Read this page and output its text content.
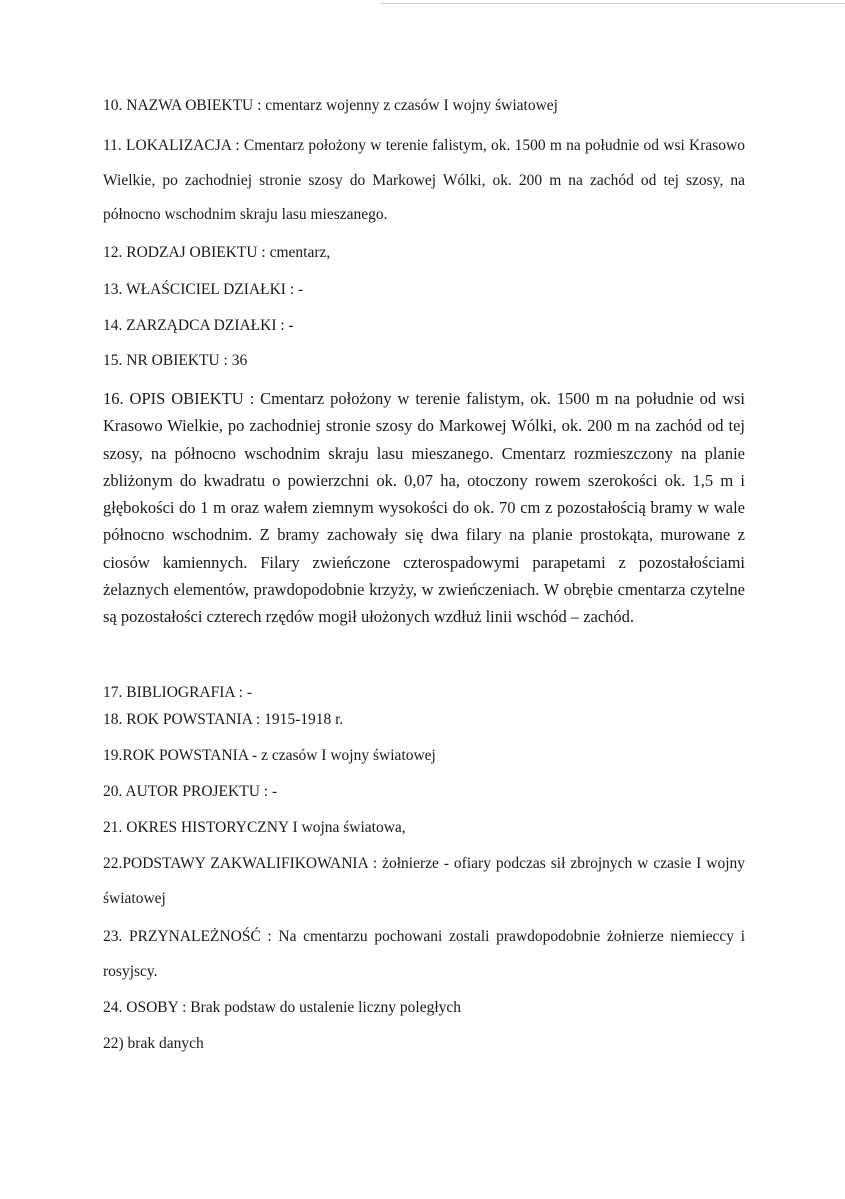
10. NAZWA OBIEKTU : cmentarz wojenny z czasów I wojny światowej
11. LOKALIZACJA : Cmentarz położony w terenie falistym, ok. 1500 m na południe od wsi Krasowo
Wielkie, po zachodniej stronie szosy do Markowej Wólki, ok. 200 m na zachód od tej szosy, na
północno wschodnim skraju lasu mieszanego.
12. RODZAJ OBIEKTU : cmentarz,
13. WŁAŚCICIEL DZIAŁKI : -
14. ZARZĄDCA DZIAŁKI : -
15. NR OBIEKTU : 36
16. OPIS OBIEKTU : Cmentarz położony w terenie falistym, ok. 1500 m na południe od wsi Krasowo Wielkie, po zachodniej stronie szosy do Markowej Wólki, ok. 200 m na zachód od tej szosy, na północno wschodnim skraju lasu mieszanego. Cmentarz rozmieszczony na planie zbliżonym do kwadratu o powierzchni ok. 0,07 ha, otoczony rowem szerokości ok. 1,5 m i głębokości do 1 m oraz wałem ziemnym wysokości do ok. 70 cm z pozostałością bramy w wale północno wschodnim. Z bramy zachowały się dwa filary na planie prostokąta, murowane z ciosów kamiennych. Filary zwieńczone czterospadowymi parapetami z pozostałościami żelaznych elementów, prawdopodobnie krzyży, w zwieńczeniach. W obrębie cmentarza czytelne są pozostałości czterech rzędów mogił ułożonych wzdłuż linii wschód – zachód.
17. BIBLIOGRAFIA : -
18. ROK POWSTANIA : 1915-1918 r.
19.ROK POWSTANIA - z czasów I wojny światowej
20. AUTOR PROJEKTU : -
21. OKRES HISTORYCZNY I wojna światowa,
22.PODSTAWY ZAKWALIFIKOWANIA : żołnierze - ofiary podczas sił zbrojnych w czasie I wojny
światowej
23. PRZYNALEŻNOŚĆ : Na cmentarzu pochowani zostali prawdopodobnie żołnierze niemieccy i
rosyjscy.
24. OSOBY : Brak podstaw do ustalenie liczny poległych
22) brak danych
